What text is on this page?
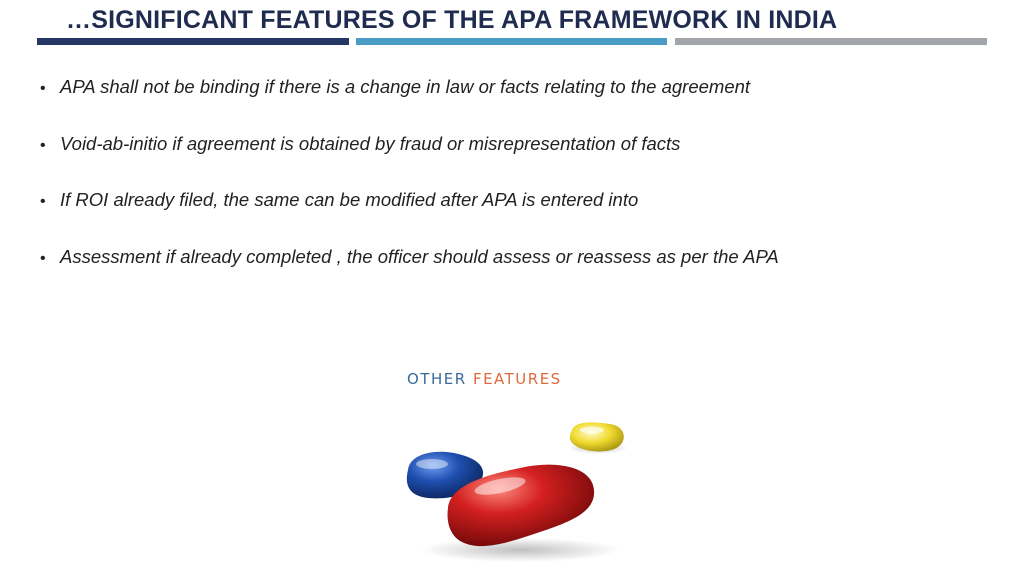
…SIGNIFICANT FEATURES OF THE APA FRAMEWORK IN INDIA
• APA shall not be binding if there is a change in law or facts relating to the agreement
• Void-ab-initio if agreement is obtained by fraud or misrepresentation of facts
• If ROI already filed, the same can be modified after APA is entered into
• Assessment if already completed , the officer should assess or reassess as per the APA
OTHER FEATURES
